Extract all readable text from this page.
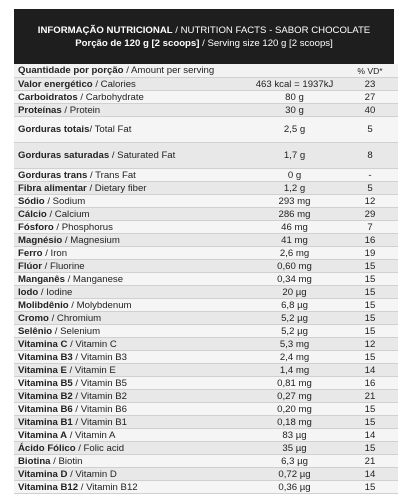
INFORMAÇÃO NUTRICIONAL / NUTRITION FACTS - SABOR CHOCOLATE
Porção de 120 g [2 scoops] / Serving size 120 g [2 scoops]
Quantidade por porção / Amount per serving		% VD*
Valor energético / Calories	463 kcal = 1937kJ	23
Carboidratos / Carbohydrate	80 g	27
Proteínas / Protein	30 g	40
Gorduras totais/ Total Fat	2,5 g	5
Gorduras saturadas / Saturated Fat	1,7 g	8
Gorduras trans / Trans Fat	0 g	-
Fibra alimentar / Dietary fiber	1,2 g	5
Sódio / Sodium	293 mg	12
Cálcio / Calcium	286 mg	29
Fósforo / Phosphorus	46 mg	7
Magnésio / Magnesium	41 mg	16
Ferro / Iron	2,6 mg	19
Flúor / Fluorine	0,60 mg	15
Manganês / Manganese	0,34 mg	15
Iodo / Iodine	20 µg	15
Molibdênio / Molybdenum	6,8 µg	15
Cromo / Chromium	5,2 µg	15
Selênio / Selenium	5,2 µg	15
Vitamina C / Vitamin C	5,3 mg	12
Vitamina B3 / Vitamin B3	2,4 mg	15
Vitamina E / Vitamin E	1,4 mg	14
Vitamina B5 / Vitamin B5	0,81 mg	16
Vitamina B2 / Vitamin B2	0,27 mg	21
Vitamina B6 / Vitamin B6	0,20 mg	15
Vitamina B1 / Vitamin B1	0,18 mg	15
Vitamina A / Vitamin A	83 µg	14
Ácido Fólico / Folic acid	35 µg	15
Biotina / Biotin	6,3 µg	21
Vitamina D / Vitamin D	0,72 µg	14
Vitamina B12 / Vitamin B12	0,36 µg	15
